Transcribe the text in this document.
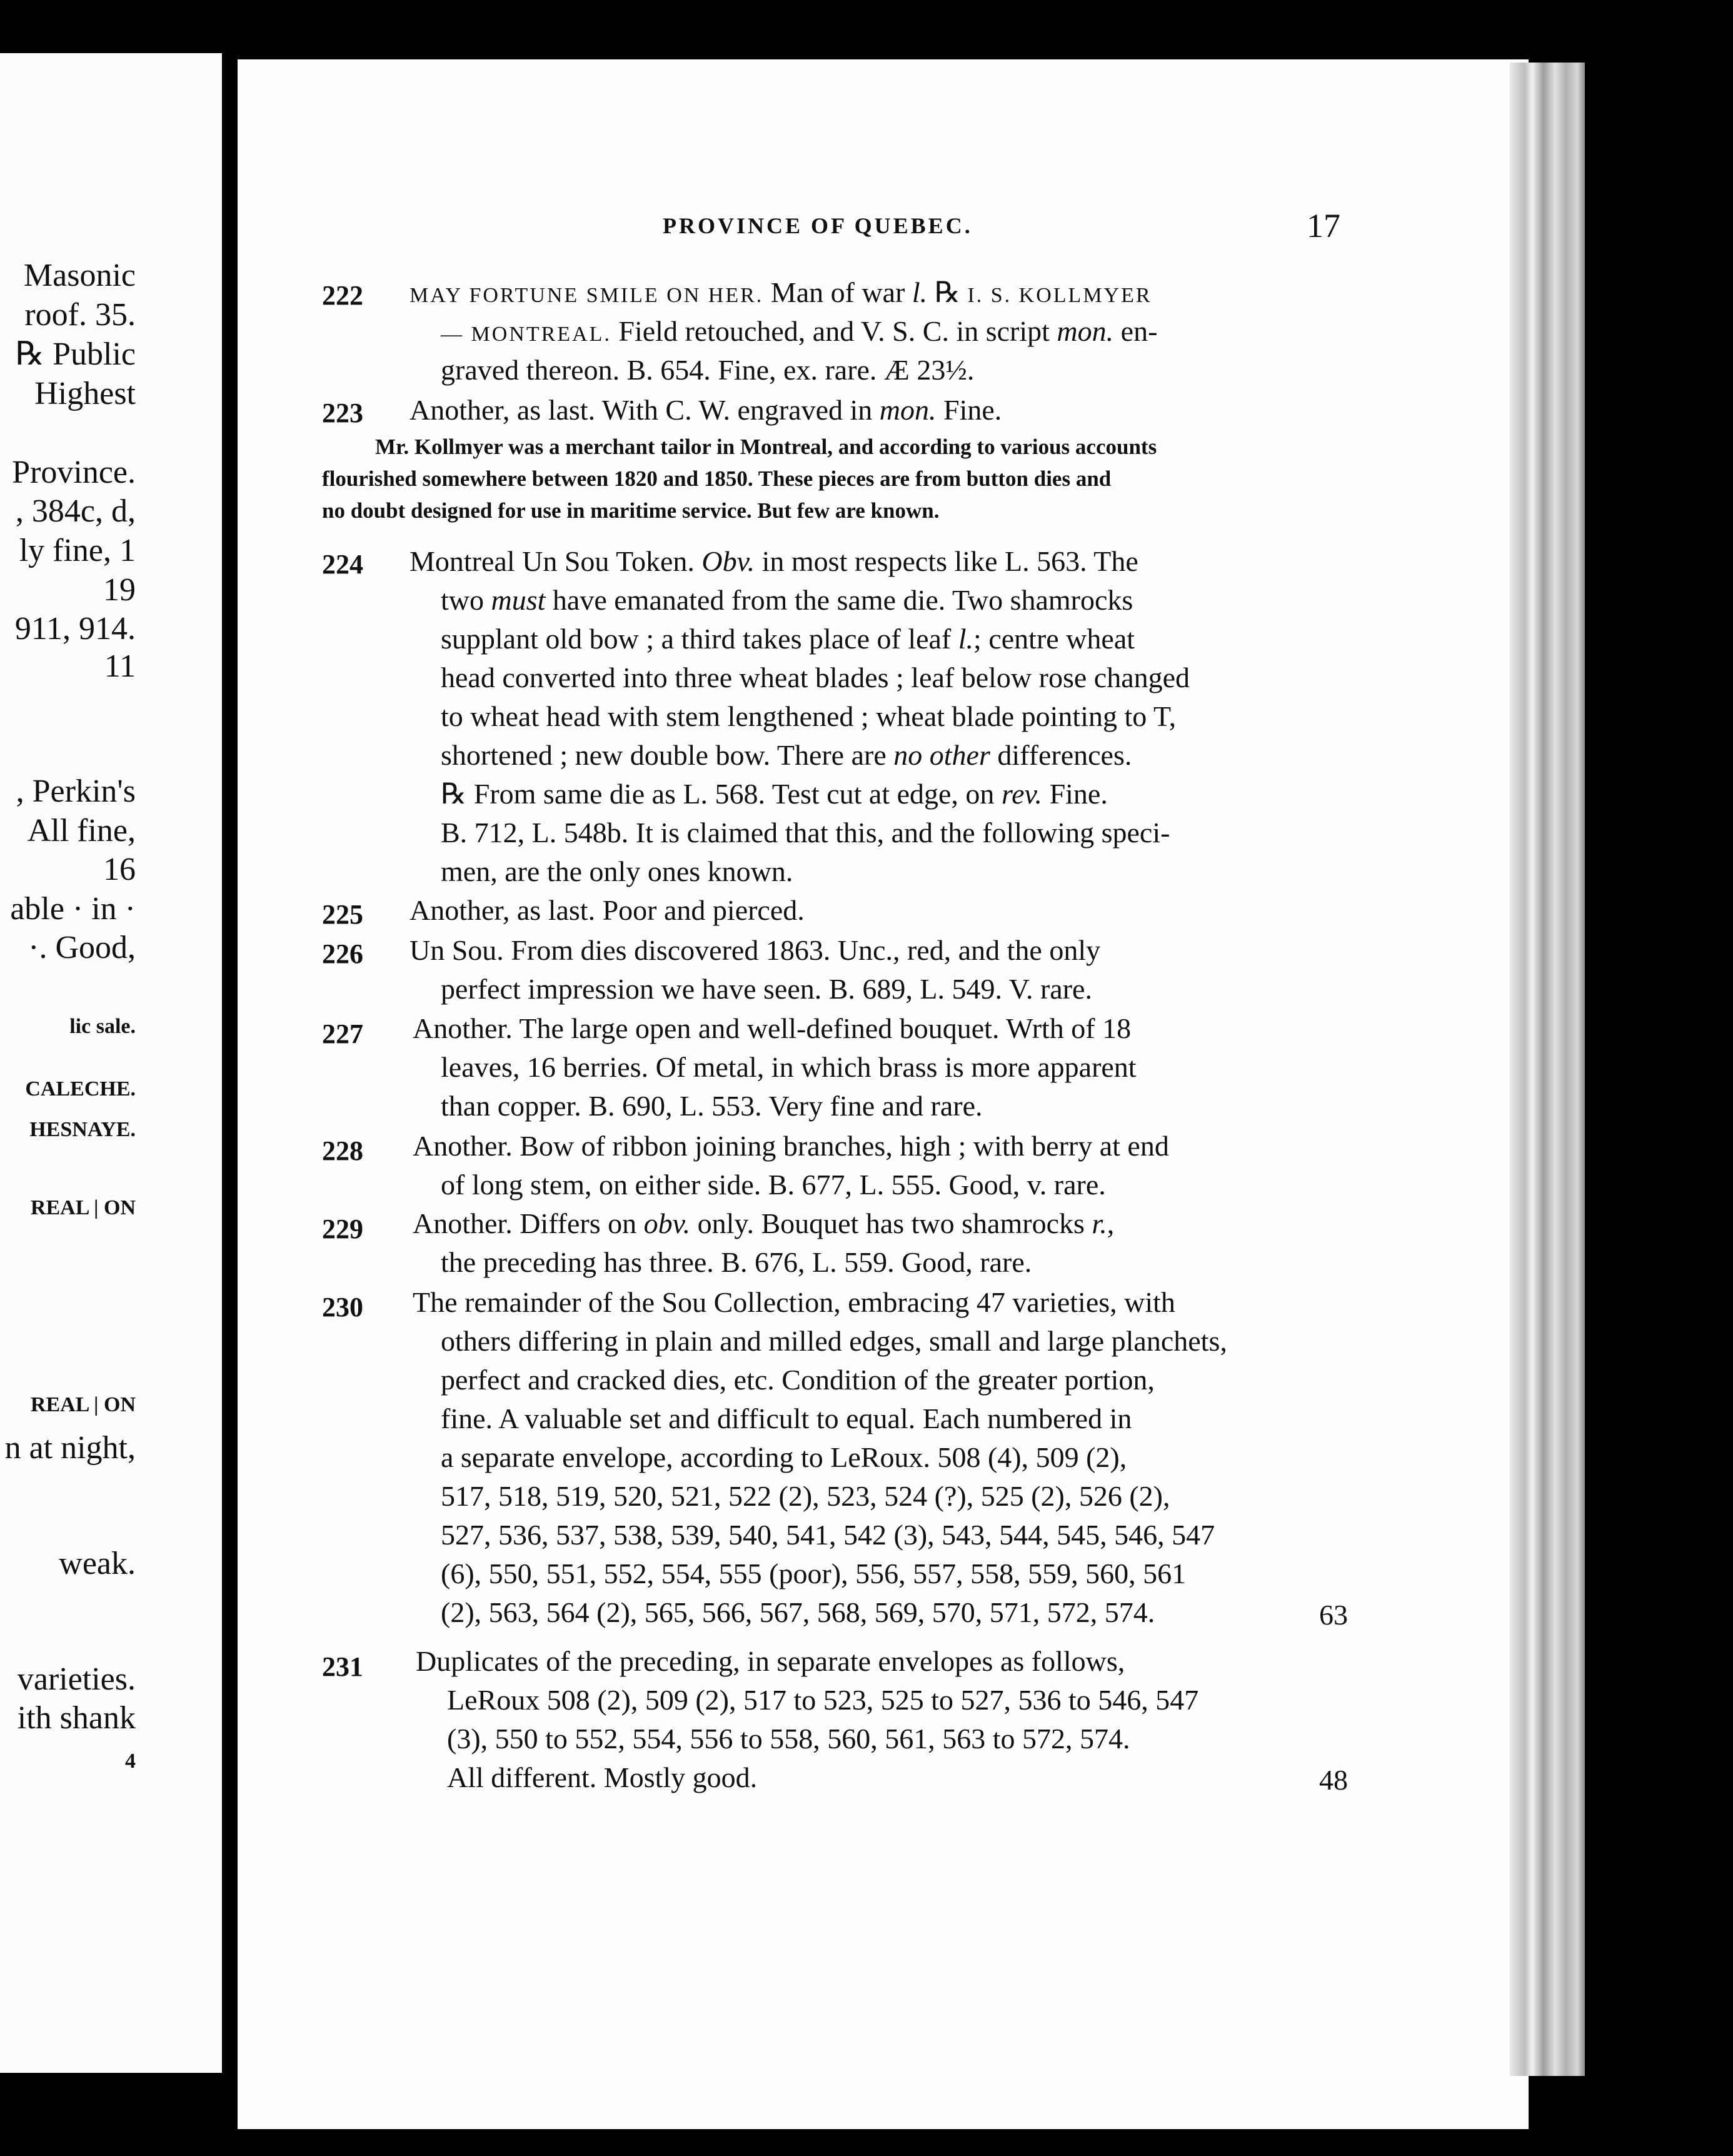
Masonic
roof. 35.
℞ Public
Highest
Province.
, 384c, d,
ly fine, 1
19
911, 914.
11
, Perkin's
All fine,
16
able · in ·
·. Good,
lic sale.
CALECHE.
HESNAYE.
REAL | ON
REAL | ON
n at night,
weak.
varieties.
ith shank
4
PROVINCE OF QUEBEC.	17
222 MAY FORTUNE SMILE ON HER. Man of war l. ℞ I. S. KOLLMYER
— MONTREAL. Field retouched, and V. S. C. in script mon. en-
graved thereon. B. 654. Fine, ex. rare. Æ 23½.
223 Another, as last. With C. W. engraved in mon. Fine.
Mr. Kollmyer was a merchant tailor in Montreal, and according to various accounts
flourished somewhere between 1820 and 1850. These pieces are from button dies and
no doubt designed for use in maritime service. But few are known.
224 Montreal Un Sou Token. Obv. in most respects like L. 563. The
two must have emanated from the same die. Two shamrocks
supplant old bow ; a third takes place of leaf l.; centre wheat
head converted into three wheat blades ; leaf below rose changed
to wheat head with stem lengthened ; wheat blade pointing to T,
shortened ; new double bow. There are no other differences.
℞ From same die as L. 568. Test cut at edge, on rev. Fine.
B. 712, L. 548b. It is claimed that this, and the following speci-
men, are the only ones known.
225 Another, as last. Poor and pierced.
226 Un Sou. From dies discovered 1863. Unc., red, and the only
perfect impression we have seen. B. 689, L. 549. V. rare.
227 Another. The large open and well-defined bouquet. Wrth of 18
leaves, 16 berries. Of metal, in which brass is more apparent
than copper. B. 690, L. 553. Very fine and rare.
228 Another. Bow of ribbon joining branches, high ; with berry at end
of long stem, on either side. B. 677, L. 555. Good, v. rare.
229 Another. Differs on obv. only. Bouquet has two shamrocks r.,
the preceding has three. B. 676, L. 559. Good, rare.
230 The remainder of the Sou Collection, embracing 47 varieties, with
others differing in plain and milled edges, small and large planchets,
perfect and cracked dies, etc. Condition of the greater portion,
fine. A valuable set and difficult to equal. Each numbered in
a separate envelope, according to LeRoux. 508 (4), 509 (2),
517, 518, 519, 520, 521, 522 (2), 523, 524 (?), 525 (2), 526 (2),
527, 536, 537, 538, 539, 540, 541, 542 (3), 543, 544, 545, 546, 547
(6), 550, 551, 552, 554, 555 (poor), 556, 557, 558, 559, 560, 561
(2), 563, 564 (2), 565, 566, 567, 568, 569, 570, 571, 572, 574.
231 Duplicates of the preceding, in separate envelopes as follows,
LeRoux 508 (2), 509 (2), 517 to 523, 525 to 527, 536 to 546, 547
(3), 550 to 552, 554, 556 to 558, 560, 561, 563 to 572, 574.
All different. Mostly good.
63
48
